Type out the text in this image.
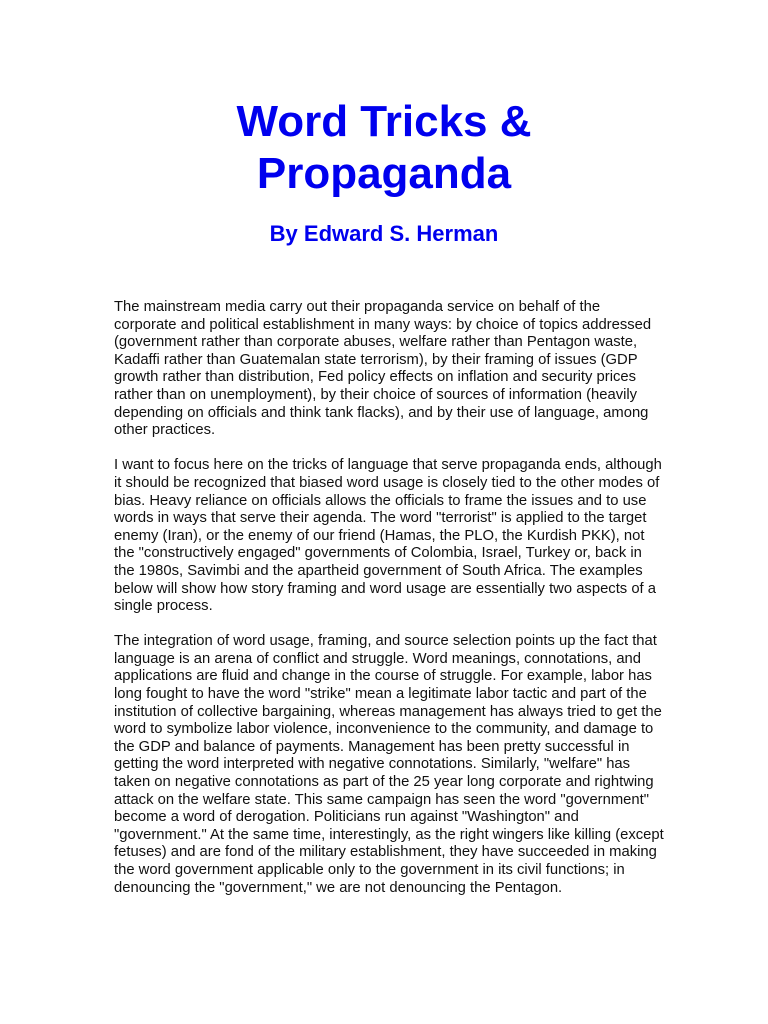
Word Tricks &
Propaganda
By Edward S. Herman

The mainstream media carry out their propaganda service on behalf of the corporate and political establishment in many ways: by choice of topics addressed (government rather than corporate abuses, welfare rather than Pentagon waste, Kadaffi rather than Guatemalan state terrorism), by their framing of issues (GDP growth rather than distribution, Fed policy effects on inflation and security prices rather than on unemployment), by their choice of sources of information (heavily depending on officials and think tank flacks), and by their use of language, among other practices.

I want to focus here on the tricks of language that serve propaganda ends, although it should be recognized that biased word usage is closely tied to the other modes of bias. Heavy reliance on officials allows the officials to frame the issues and to use words in ways that serve their agenda. The word "terrorist" is applied to the target enemy (Iran), or the enemy of our friend (Hamas, the PLO, the Kurdish PKK), not the "constructively engaged" governments of Colombia, Israel, Turkey or, back in the 1980s, Savimbi and the apartheid government of South Africa. The examples below will show how story framing and word usage are essentially two aspects of a single process.

The integration of word usage, framing, and source selection points up the fact that language is an arena of conflict and struggle. Word meanings, connotations, and applications are fluid and change in the course of struggle. For example, labor has long fought to have the word "strike" mean a legitimate labor tactic and part of the institution of collective bargaining, whereas management has always tried to get the word to symbolize labor violence, inconvenience to the community, and damage to the GDP and balance of payments. Management has been pretty successful in getting the word interpreted with negative connotations. Similarly, "welfare" has taken on negative connotations as part of the 25 year long corporate and rightwing attack on the welfare state. This same campaign has seen the word "government" become a word of derogation. Politicians run against "Washington" and "government." At the same time, interestingly, as the right wingers like killing (except fetuses) and are fond of the military establishment, they have succeeded in making the word government applicable only to the government in its civil functions; in denouncing the "government," we are not denouncing the Pentagon.
